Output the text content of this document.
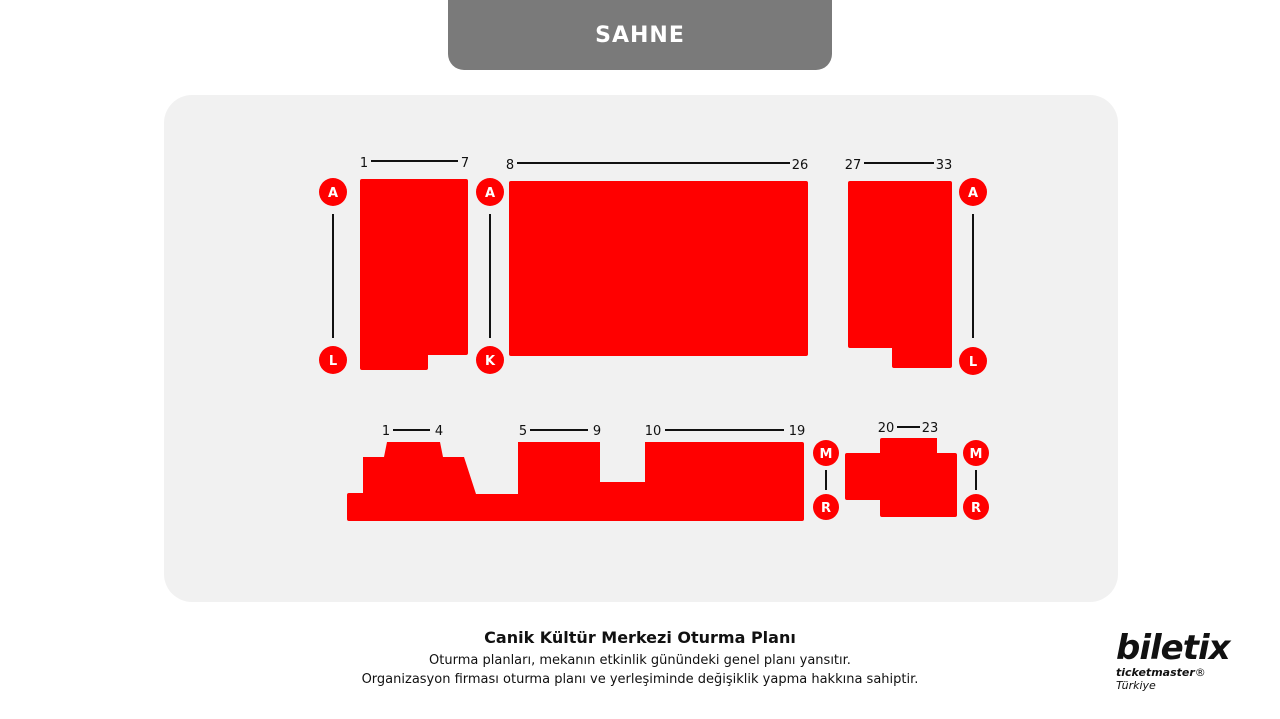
SAHNE
1	7	8	26	27	33
1	4	5	9	10	19	20 23
A
L
A
K
A
L
M
R
M
R
Canik Kültür Merkezi Oturma Planı
Oturma planları, mekanın etkinlik günündeki genel planı yansıtır.
Organizasyon firması oturma planı ve yerleşiminde değişiklik yapma hakkına sahiptir.
biletix
ticketmaster® Türkiye
